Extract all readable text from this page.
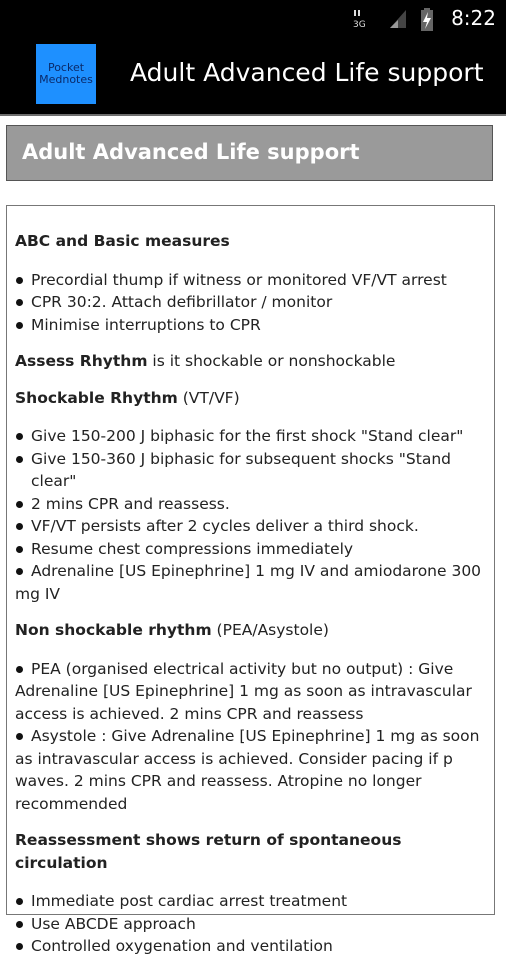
3G	8:22
Pocket
Mednotes Adult Advanced Life support
Adult Advanced Life support

ABC and Basic measures

Precordial thump if witness or monitored VF/VT arrest
CPR 30:2. Attach defibrillator / monitor
Minimise interruptions to CPR

Assess Rhythm is it shockable or nonshockable

Shockable Rhythm (VT/VF)

Give 150-200 J biphasic for the first shock "Stand clear"
Give 150-360 J biphasic for subsequent shocks "Stand clear"
2 mins CPR and reassess.
VF/VT persists after 2 cycles deliver a third shock.
Resume chest compressions immediately
Adrenaline [US Epinephrine] 1 mg IV and amiodarone 300 mg IV

Non shockable rhythm (PEA/Asystole)

PEA (organised electrical activity but no output) : Give Adrenaline [US Epinephrine] 1 mg as soon as intravascular access is achieved. 2 mins CPR and reassess

Asystole : Give Adrenaline [US Epinephrine] 1 mg as soon as intravascular access is achieved. Consider pacing if p waves. 2 mins CPR and reassess. Atropine no longer recommended

Reassessment shows return of spontaneous circulation

Immediate post cardiac arrest treatment
Use ABCDE approach
Controlled oxygenation and ventilation
